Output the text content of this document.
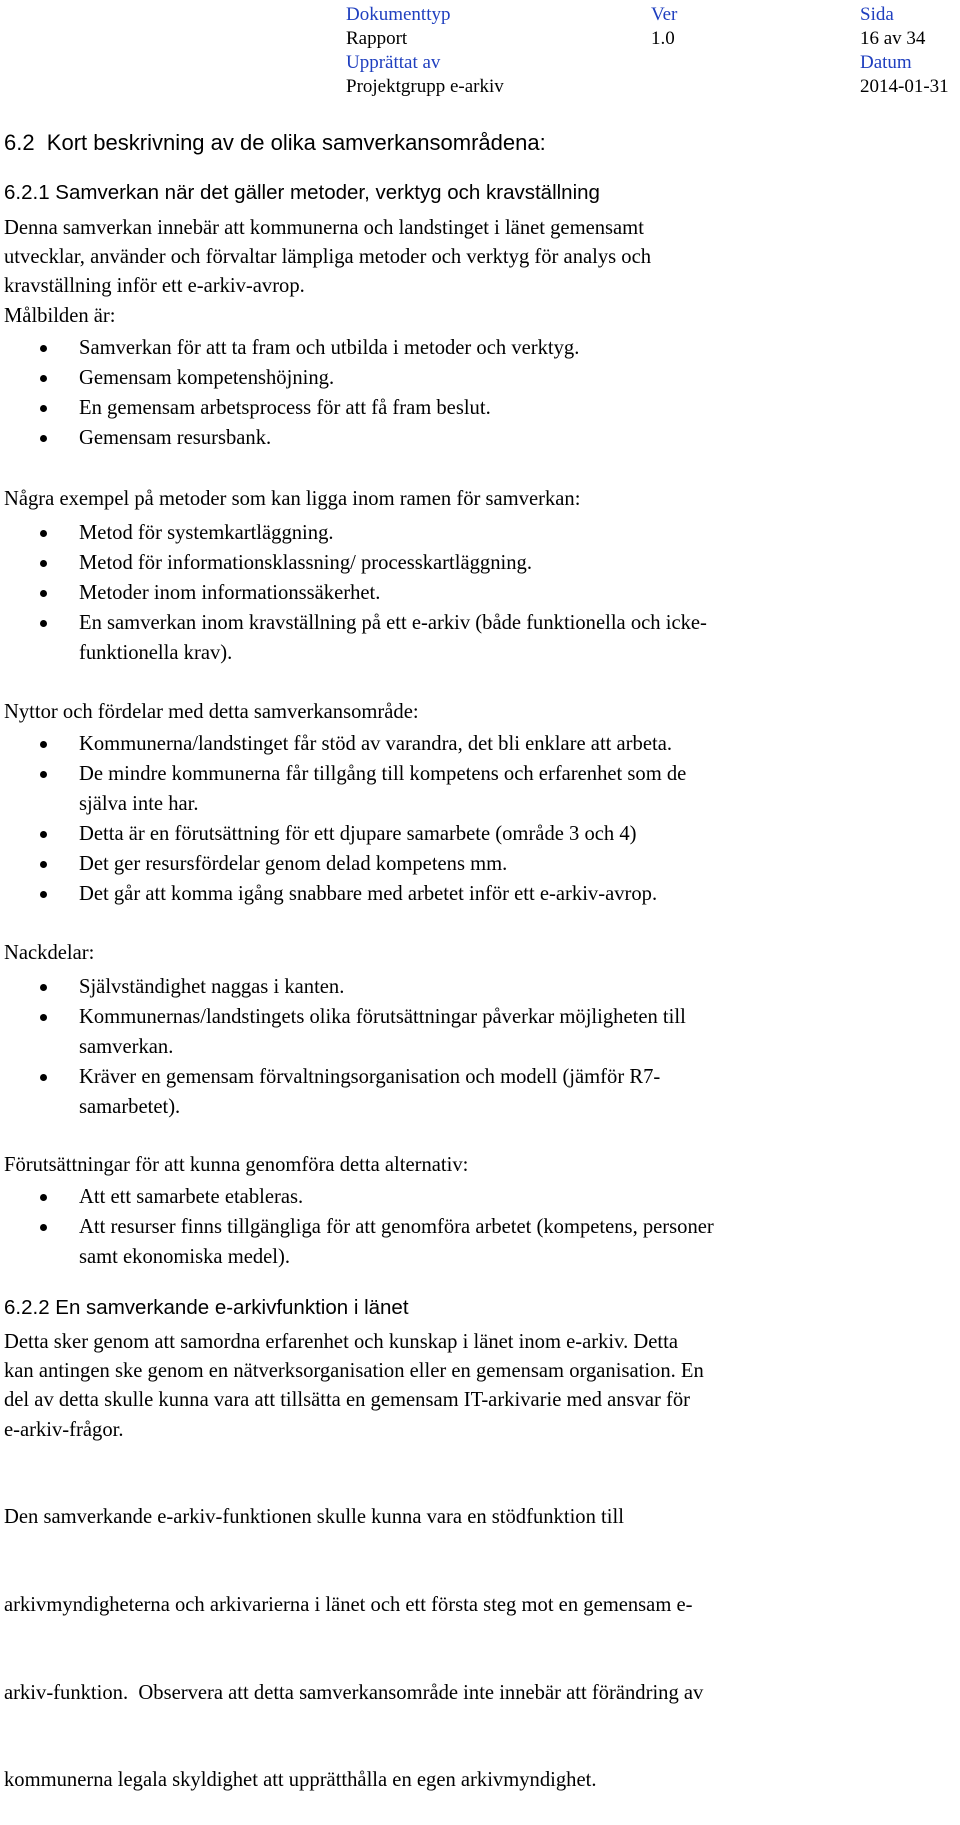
Dokumenttyp
Rapport
Upprättat av
Projektgrupp e-arkiv
Ver
1.0
Sida
16 av 34
Datum
2014-01-31
6.2  Kort beskrivning av de olika samverkansområdena:
6.2.1 Samverkan när det gäller metoder, verktyg och kravställning
Denna samverkan innebär att kommunerna och landstinget i länet gemensamt
utvecklar, använder och förvaltar lämpliga metoder och verktyg för analys och
kravställning inför ett e-arkiv-avrop.
Målbilden är:
Samverkan för att ta fram och utbilda i metoder och verktyg.
Gemensam kompetenshöjning.
En gemensam arbetsprocess för att få fram beslut.
Gemensam resursbank.
Några exempel på metoder som kan ligga inom ramen för samverkan:
Metod för systemkartläggning.
Metod för informationsklassning/ processkartläggning.
Metoder inom informationssäkerhet.
En samverkan inom kravställning på ett e-arkiv (både funktionella och icke-
funktionella krav).
Nyttor och fördelar med detta samverkansområde:
Kommunerna/landstinget får stöd av varandra, det bli enklare att arbeta.
De mindre kommunerna får tillgång till kompetens och erfarenhet som de
själva inte har.
Detta är en förutsättning för ett djupare samarbete (område 3 och 4)
Det ger resursfördelar genom delad kompetens mm.
Det går att komma igång snabbare med arbetet inför ett e-arkiv-avrop.
Nackdelar:
Självständighet naggas i kanten.
Kommunernas/landstingets olika förutsättningar påverkar möjligheten till
samverkan.
Kräver en gemensam förvaltningsorganisation och modell (jämför R7-
samarbetet).
Förutsättningar för att kunna genomföra detta alternativ:
Att ett samarbete etableras.
Att resurser finns tillgängliga för att genomföra arbetet (kompetens, personer
samt ekonomiska medel).
6.2.2 En samverkande e-arkivfunktion i länet
Detta sker genom att samordna erfarenhet och kunskap i länet inom e-arkiv. Detta
kan antingen ske genom en nätverksorganisation eller en gemensam organisation. En
del av detta skulle kunna vara att tillsätta en gemensam IT-arkivarie med ansvar för
e-arkiv-frågor.

Den samverkande e-arkiv-funktionen skulle kunna vara en stödfunktion till

arkivmyndigheterna och arkivarierna i länet och ett första steg mot en gemensam e-

arkiv-funktion.  Observera att detta samverkansområde inte innebär att förändring av

kommunerna legala skyldighet att upprätthålla en egen arkivmyndighet.
